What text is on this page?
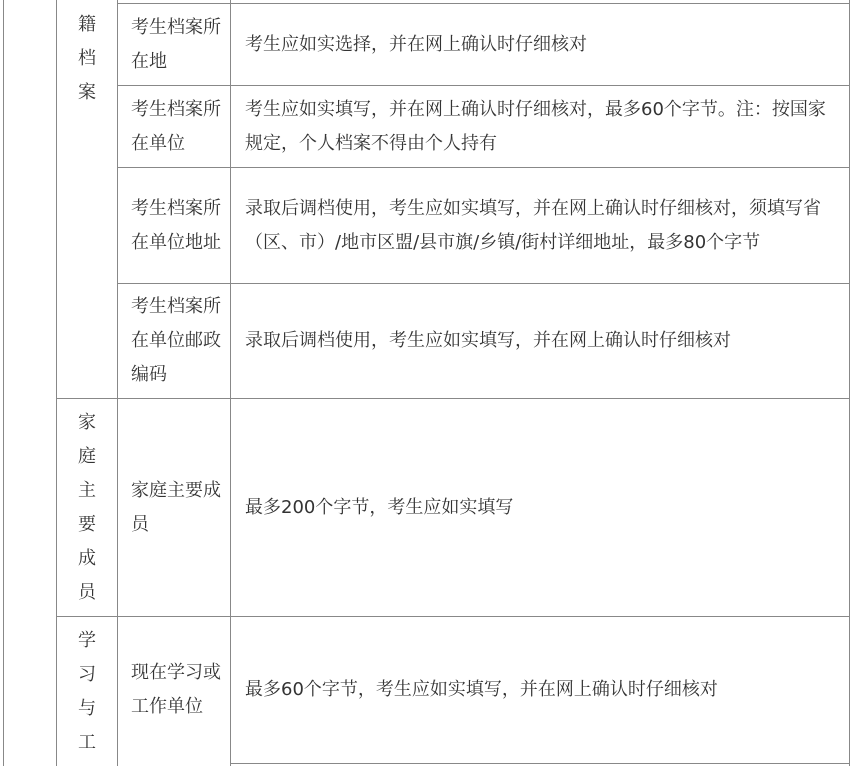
籍档案
考生档案所在地
考生应如实选择，并在网上确认时仔细核对
考生档案所在单位
考生应如实填写，并在网上确认时仔细核对，最多60个字节。注：按国家规定，个人档案不得由个人持有
考生档案所在单位地址
录取后调档使用，考生应如实填写，并在网上确认时仔细核对，须填写省（区、市）/地市区盟/县市旗/乡镇/街村详细地址，最多80个字节
考生档案所在单位邮政编码
录取后调档使用，考生应如实填写，并在网上确认时仔细核对
家庭主要成员
家庭主要成员
最多200个字节，考生应如实填写
学习与工
现在学习或工作单位
最多60个字节，考生应如实填写，并在网上确认时仔细核对
